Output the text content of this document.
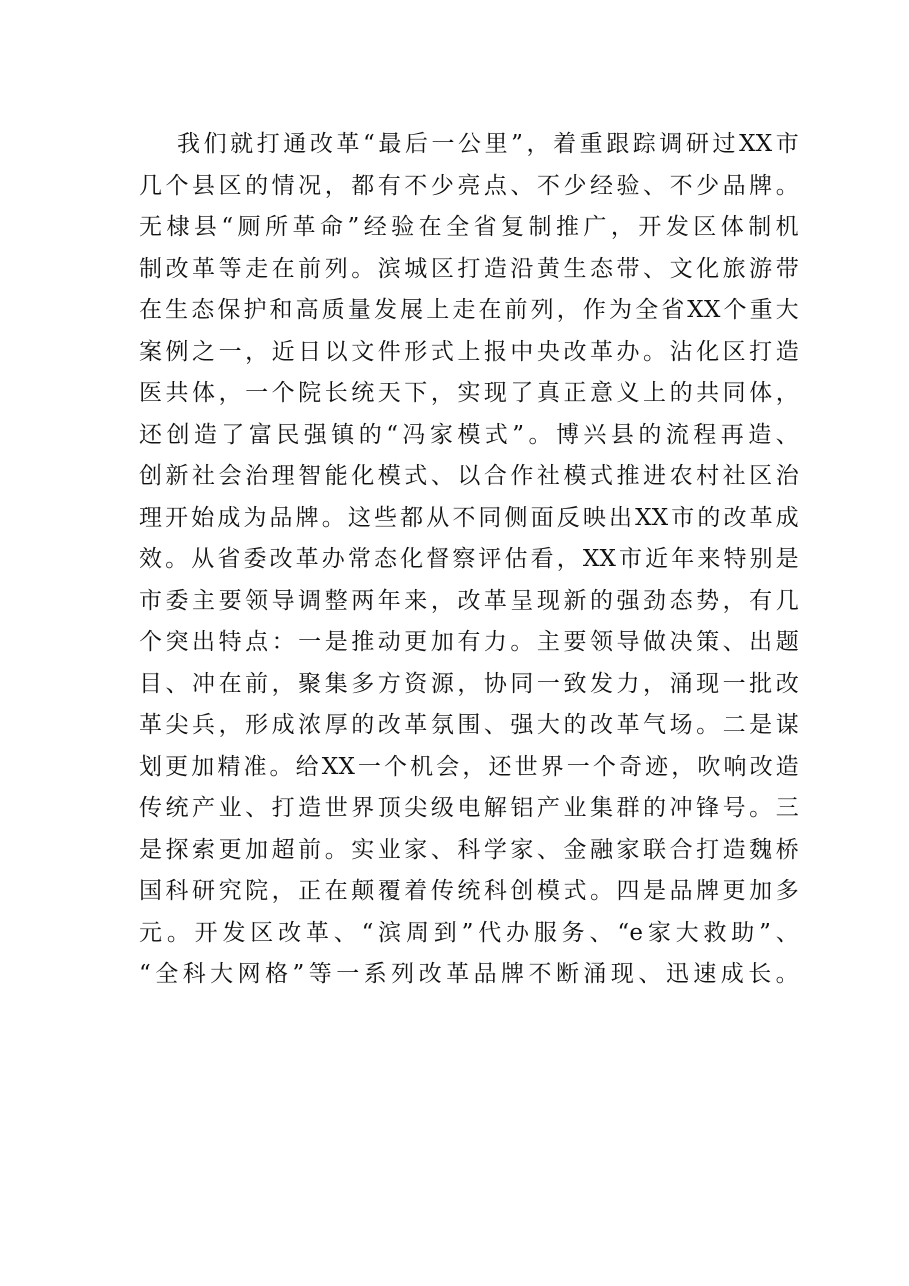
我们就打通改革“最后一公里”，着重跟踪调研过XX市
几个县区的情况，都有不少亮点、不少经验、不少品牌。
无棣县“厕所革命”经验在全省复制推广，开发区体制机
制改革等走在前列。滨城区打造沿黄生态带、文化旅游带
在生态保护和高质量发展上走在前列，作为全省XX个重大
案例之一，近日以文件形式上报中央改革办。沾化区打造
医共体，一个院长统天下，实现了真正意义上的共同体，
还创造了富民强镇的“冯家模式”。博兴县的流程再造、
创新社会治理智能化模式、以合作社模式推进农村社区治
理开始成为品牌。这些都从不同侧面反映出XX市的改革成
效。从省委改革办常态化督察评估看，XX市近年来特别是
市委主要领导调整两年来，改革呈现新的强劲态势，有几
个突出特点：一是推动更加有力。主要领导做决策、出题
目、冲在前，聚集多方资源，协同一致发力，涌现一批改
革尖兵，形成浓厚的改革氛围、强大的改革气场。二是谋
划更加精准。给XX一个机会，还世界一个奇迹，吹响改造
传统产业、打造世界顶尖级电解铝产业集群的冲锋号。三
是探索更加超前。实业家、科学家、金融家联合打造魏桥
国科研究院，正在颠覆着传统科创模式。四是品牌更加多
元。开发区改革、“滨周到”代办服务、“e家大救助”、
“全科大网格”等一系列改革品牌不断涌现、迅速成长。
